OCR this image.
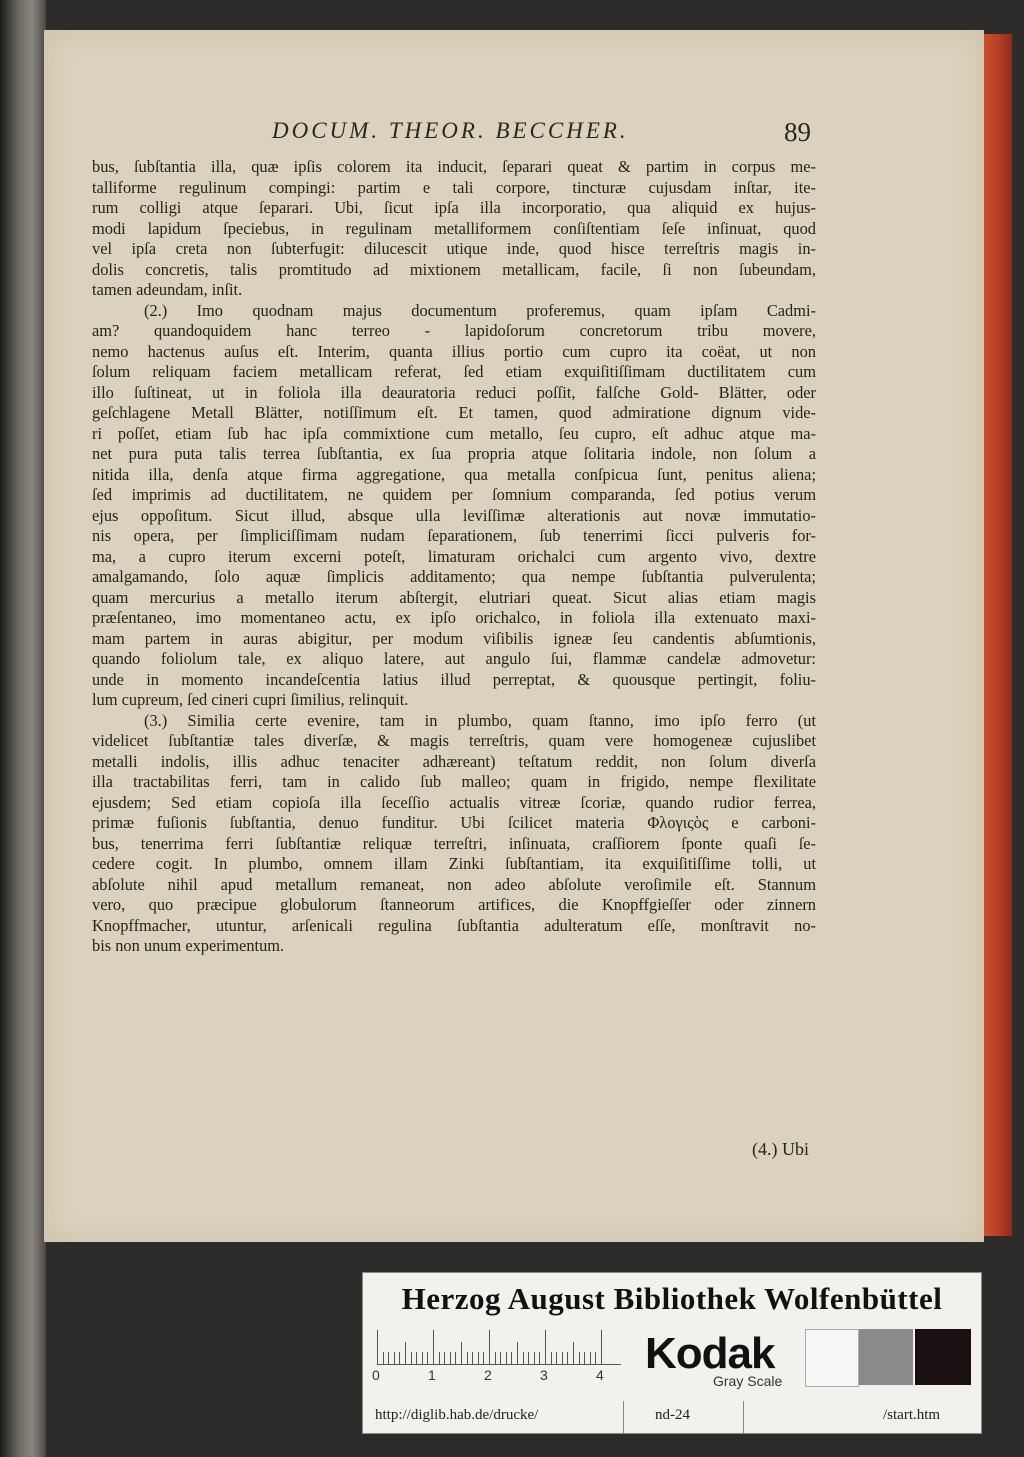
DOCUM. THEOR. BECCHER.	89
bus, ſubſtantia illa, quæ ipſis colorem ita inducit, ſeparari queat & partim in corpus me-
talliforme regulinum compingi: partim e tali corpore, tincturæ cujusdam inſtar, ite-
rum colligi atque ſeparari. Ubi, ſicut ipſa illa incorporatio, qua aliquid ex hujus-
modi lapidum ſpeciebus, in regulinam metalliformem conſiſtentiam ſeſe inſinuat, quod
vel ipſa creta non ſubterfugit: dilucescit utique inde, quod hisce terreſtris magis in-
dolis concretis, talis promtitudo ad mixtionem metallicam, facile, ſi non ſubeundam,
tamen adeundam, inſit.
(2.) Imo quodnam majus documentum proferemus, quam ipſam Cadmi-
am? quandoquidem hanc terreo - lapidoſorum concretorum tribu movere,
nemo hactenus auſus eſt. Interim, quanta illius portio cum cupro ita coëat, ut non
ſolum reliquam faciem metallicam referat, ſed etiam exquiſitiſſimam ductilitatem cum
illo ſuſtineat, ut in foliola illa deauratoria reduci poſſit, falſche Gold- Blätter, oder
geſchlagene Metall Blätter, notiſſimum eſt. Et tamen, quod admiratione dignum vide-
ri poſſet, etiam ſub hac ipſa commixtione cum metallo, ſeu cupro, eſt adhuc atque ma-
net pura puta talis terrea ſubſtantia, ex ſua propria atque ſolitaria indole, non ſolum a
nitida illa, denſa atque firma aggregatione, qua metalla conſpicua ſunt, penitus aliena;
ſed imprimis ad ductilitatem, ne quidem per ſomnium comparanda, ſed potius verum
ejus oppoſitum. Sicut illud, absque ulla leviſſimæ alterationis aut novæ immutatio-
nis opera, per ſimpliciſſimam nudam ſeparationem, ſub tenerrimi ſicci pulveris for-
ma, a cupro iterum excerni poteſt, limaturam orichalci cum argento vivo, dextre
amalgamando, ſolo aquæ ſimplicis additamento; qua nempe ſubſtantia pulverulenta;
quam mercurius a metallo iterum abſtergit, elutriari queat. Sicut alias etiam magis
præſentaneo, imo momentaneo actu, ex ipſo orichalco, in foliola illa extenuato maxi-
mam partem in auras abigitur, per modum viſibilis igneæ ſeu candentis abſumtionis,
quando foliolum tale, ex aliquo latere, aut angulo ſui, flammæ candelæ admovetur:
unde in momento incandeſcentia latius illud perreptat, & quousque pertingit, foliu-
lum cupreum, ſed cineri cupri ſimilius, relinquit.
(3.) Similia certe evenire, tam in plumbo, quam ſtanno, imo ipſo ferro (ut
videlicet ſubſtantiæ tales diverſæ, & magis terreſtris, quam vere homogeneæ cujuslibet
metalli indolis, illis adhuc tenaciter adhæreant) teſtatum reddit, non ſolum diverſa
illa tractabilitas ferri, tam in calido ſub malleo; quam in frigido, nempe flexilitate
ejusdem; Sed etiam copioſa illa ſeceſſio actualis vitreæ ſcoriæ, quando rudior ferrea,
primæ fuſionis ſubſtantia, denuo funditur. Ubi ſcilicet materia Φλογιςὸς e carboni-
bus, tenerrima ferri ſubſtantiæ reliquæ terreſtri, inſinuata, craſſiorem ſponte quaſi ſe-
cedere cogit. In plumbo, omnem illam Zinki ſubſtantiam, ita exquiſitiſſime tolli, ut
abſolute nihil apud metallum remaneat, non adeo abſolute veroſimile eſt. Stannum
vero, quo præcipue globulorum ſtanneorum artifices, die Knopffgieſſer oder zinnern
Knopffmacher, utuntur, arſenicali regulina ſubſtantia adulteratum eſſe, monſtravit no-
bis non unum experimentum.
(4.) Ubi
Herzog August Bibliothek Wolfenbüttel
0	1	2	3	4 Kodak
Gray Scale
http://diglib.hab.de/drucke/	nd-24	/start.htm
